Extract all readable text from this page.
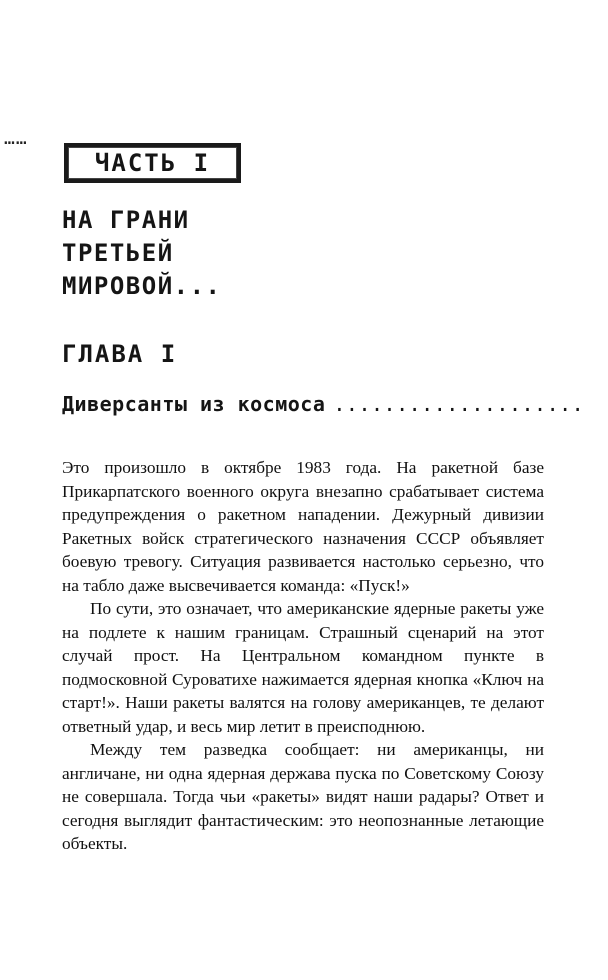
……
ЧАСТЬ I
НА ГРАНИ
ТРЕТЬЕЙ
МИРОВОЙ...
ГЛАВА I
Диверсанты из космоса ....................

Это произошло в октябре 1983 года. На ракетной базе Прикарпатского военного округа внезапно срабатывает система предупреждения о ракетном нападении. Дежурный дивизии Ракетных войск стратегического назначения СССР объявляет боевую тревогу. Ситуация развивается настолько серьезно, что на табло даже высвечивается команда: «Пуск!»

По сути, это означает, что американские ядерные ракеты уже на подлете к нашим границам. Страшный сценарий на этот случай прост. На Центральном командном пункте в подмосковной Суроватихе нажимается ядерная кнопка «Ключ на старт!». Наши ракеты валятся на голову американцев, те делают ответный удар, и весь мир летит в преисподнюю.

Между тем разведка сообщает: ни американцы, ни англичане, ни одна ядерная держава пуска по Советскому Союзу не совершала. Тогда чьи «ракеты» видят наши радары? Ответ и сегодня выглядит фантастическим: это неопознанные летающие объекты.
